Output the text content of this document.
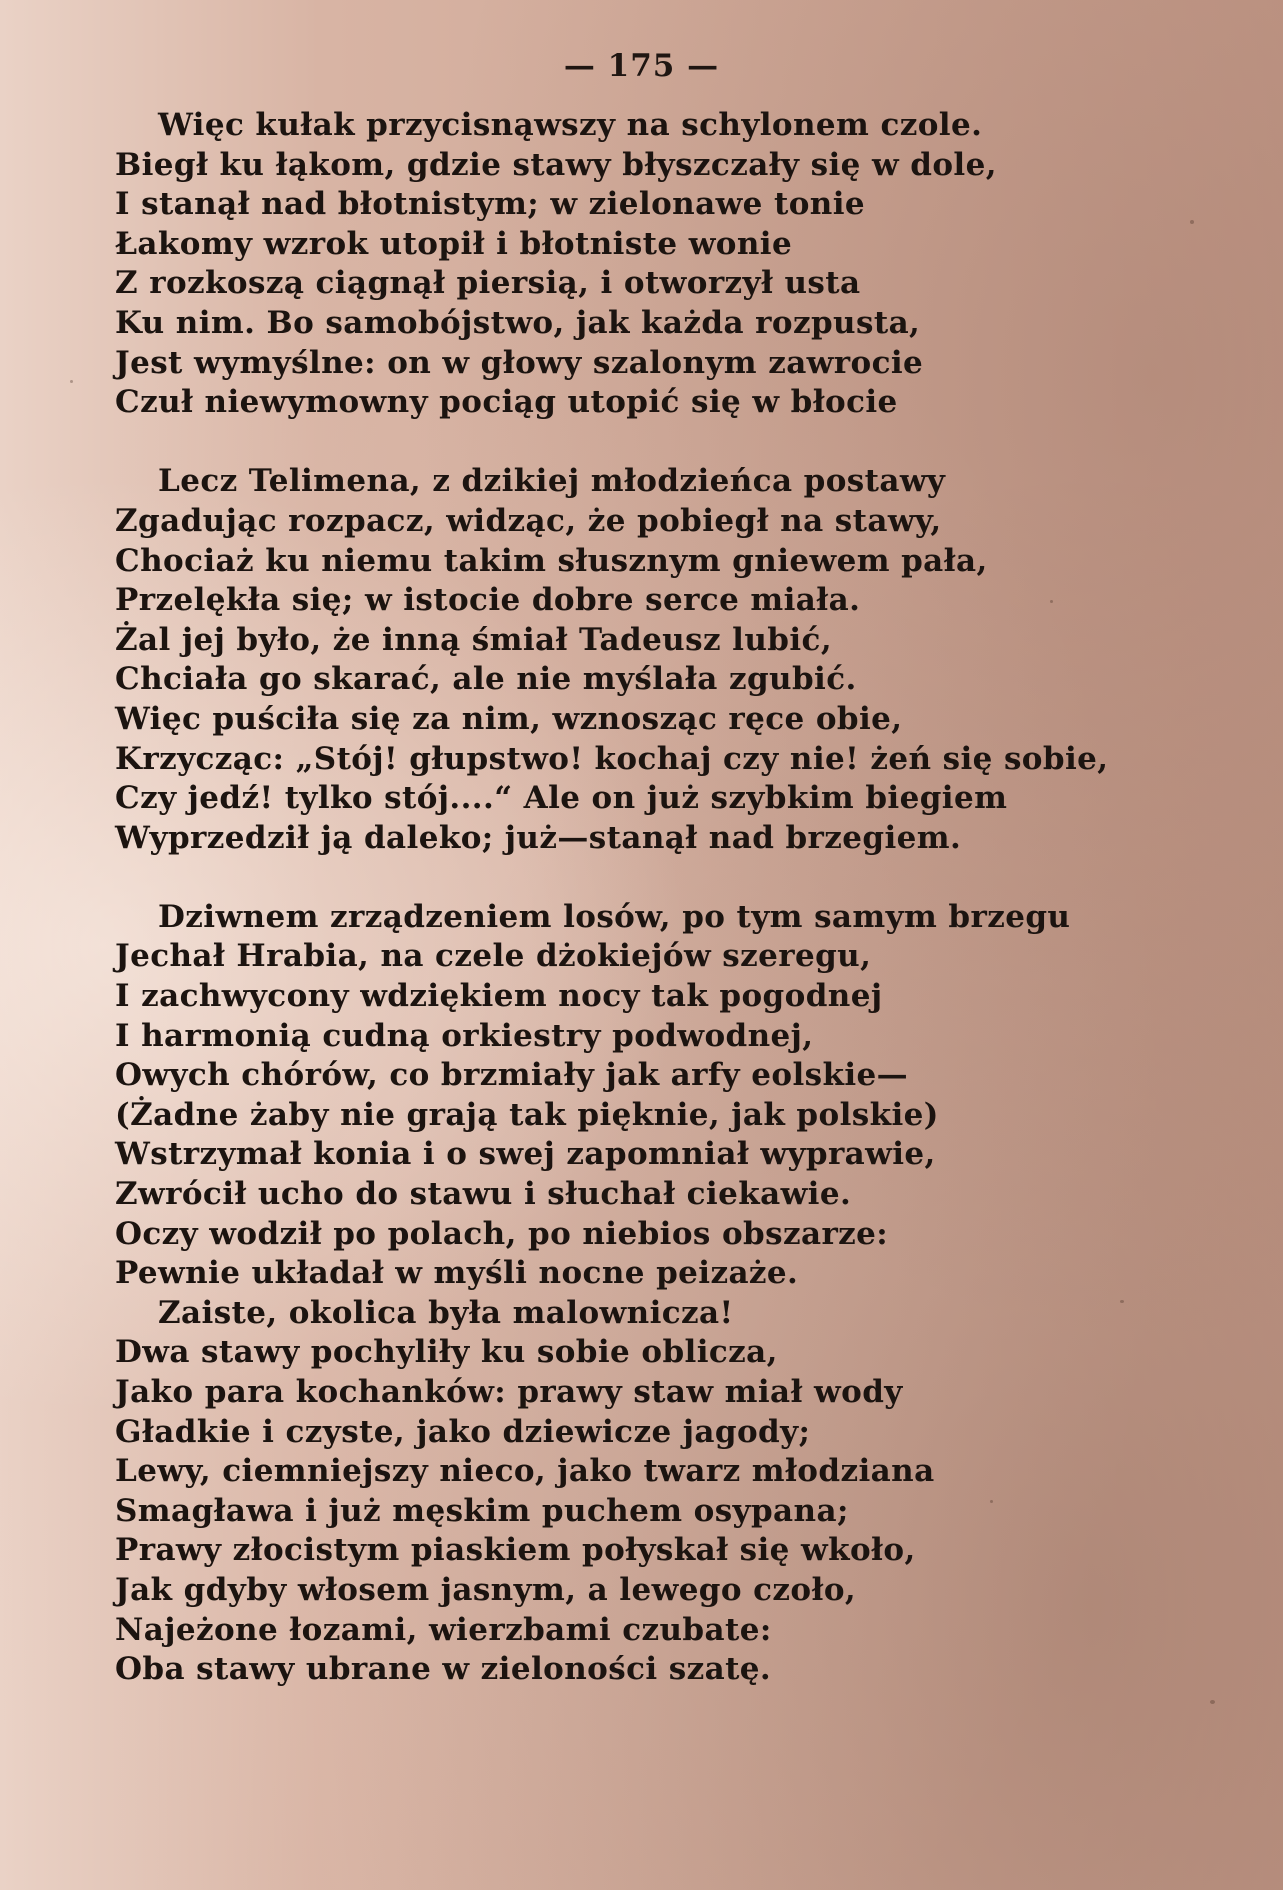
— 175 —
Więc kułak przycisnąwszy na schylonem czole.
Biegł ku łąkom, gdzie stawy błyszczały się w dole,
I stanął nad błotnistym; w zielonawe tonie
Łakomy wzrok utopił i błotniste wonie
Z rozkoszą ciągnął piersią, i otworzył usta
Ku nim. Bo samobójstwo, jak każda rozpusta,
Jest wymyślne: on w głowy szalonym zawrocie
Czuł niewymowny pociąg utopić się w błocie
Lecz Telimena, z dzikiej młodzieńca postawy
Zgadując rozpacz, widząc, że pobiegł na stawy,
Chociaż ku niemu takim słusznym gniewem pała,
Przelękła się; w istocie dobre serce miała.
Żal jej było, że inną śmiał Tadeusz lubić,
Chciała go skarać, ale nie myślała zgubić.
Więc puściła się za nim, wznosząc ręce obie,
Krzycząc: „Stój! głupstwo! kochaj czy nie! żeń się sobie,
Czy jedź! tylko stój....“ Ale on już szybkim biegiem
Wyprzedził ją daleko; już—stanął nad brzegiem.
Dziwnem zrządzeniem losów, po tym samym brzegu
Jechał Hrabia, na czele dżokiejów szeregu,
I zachwycony wdziękiem nocy tak pogodnej
I harmonią cudną orkiestry podwodnej,
Owych chórów, co brzmiały jak arfy eolskie—
(Żadne żaby nie grają tak pięknie, jak polskie)
Wstrzymał konia i o swej zapomniał wyprawie,
Zwrócił ucho do stawu i słuchał ciekawie.
Oczy wodził po polach, po niebios obszarze:
Pewnie układał w myśli nocne peizaże.
Zaiste, okolica była malownicza!
Dwa stawy pochyliły ku sobie oblicza,
Jako para kochanków: prawy staw miał wody
Gładkie i czyste, jako dziewicze jagody;
Lewy, ciemniejszy nieco, jako twarz młodziana
Smagława i już męskim puchem osypana;
Prawy złocistym piaskiem połyskał się wkoło,
Jak gdyby włosem jasnym, a lewego czoło,
Najeżone łozami, wierzbami czubate:
Oba stawy ubrane w zieloności szatę.
